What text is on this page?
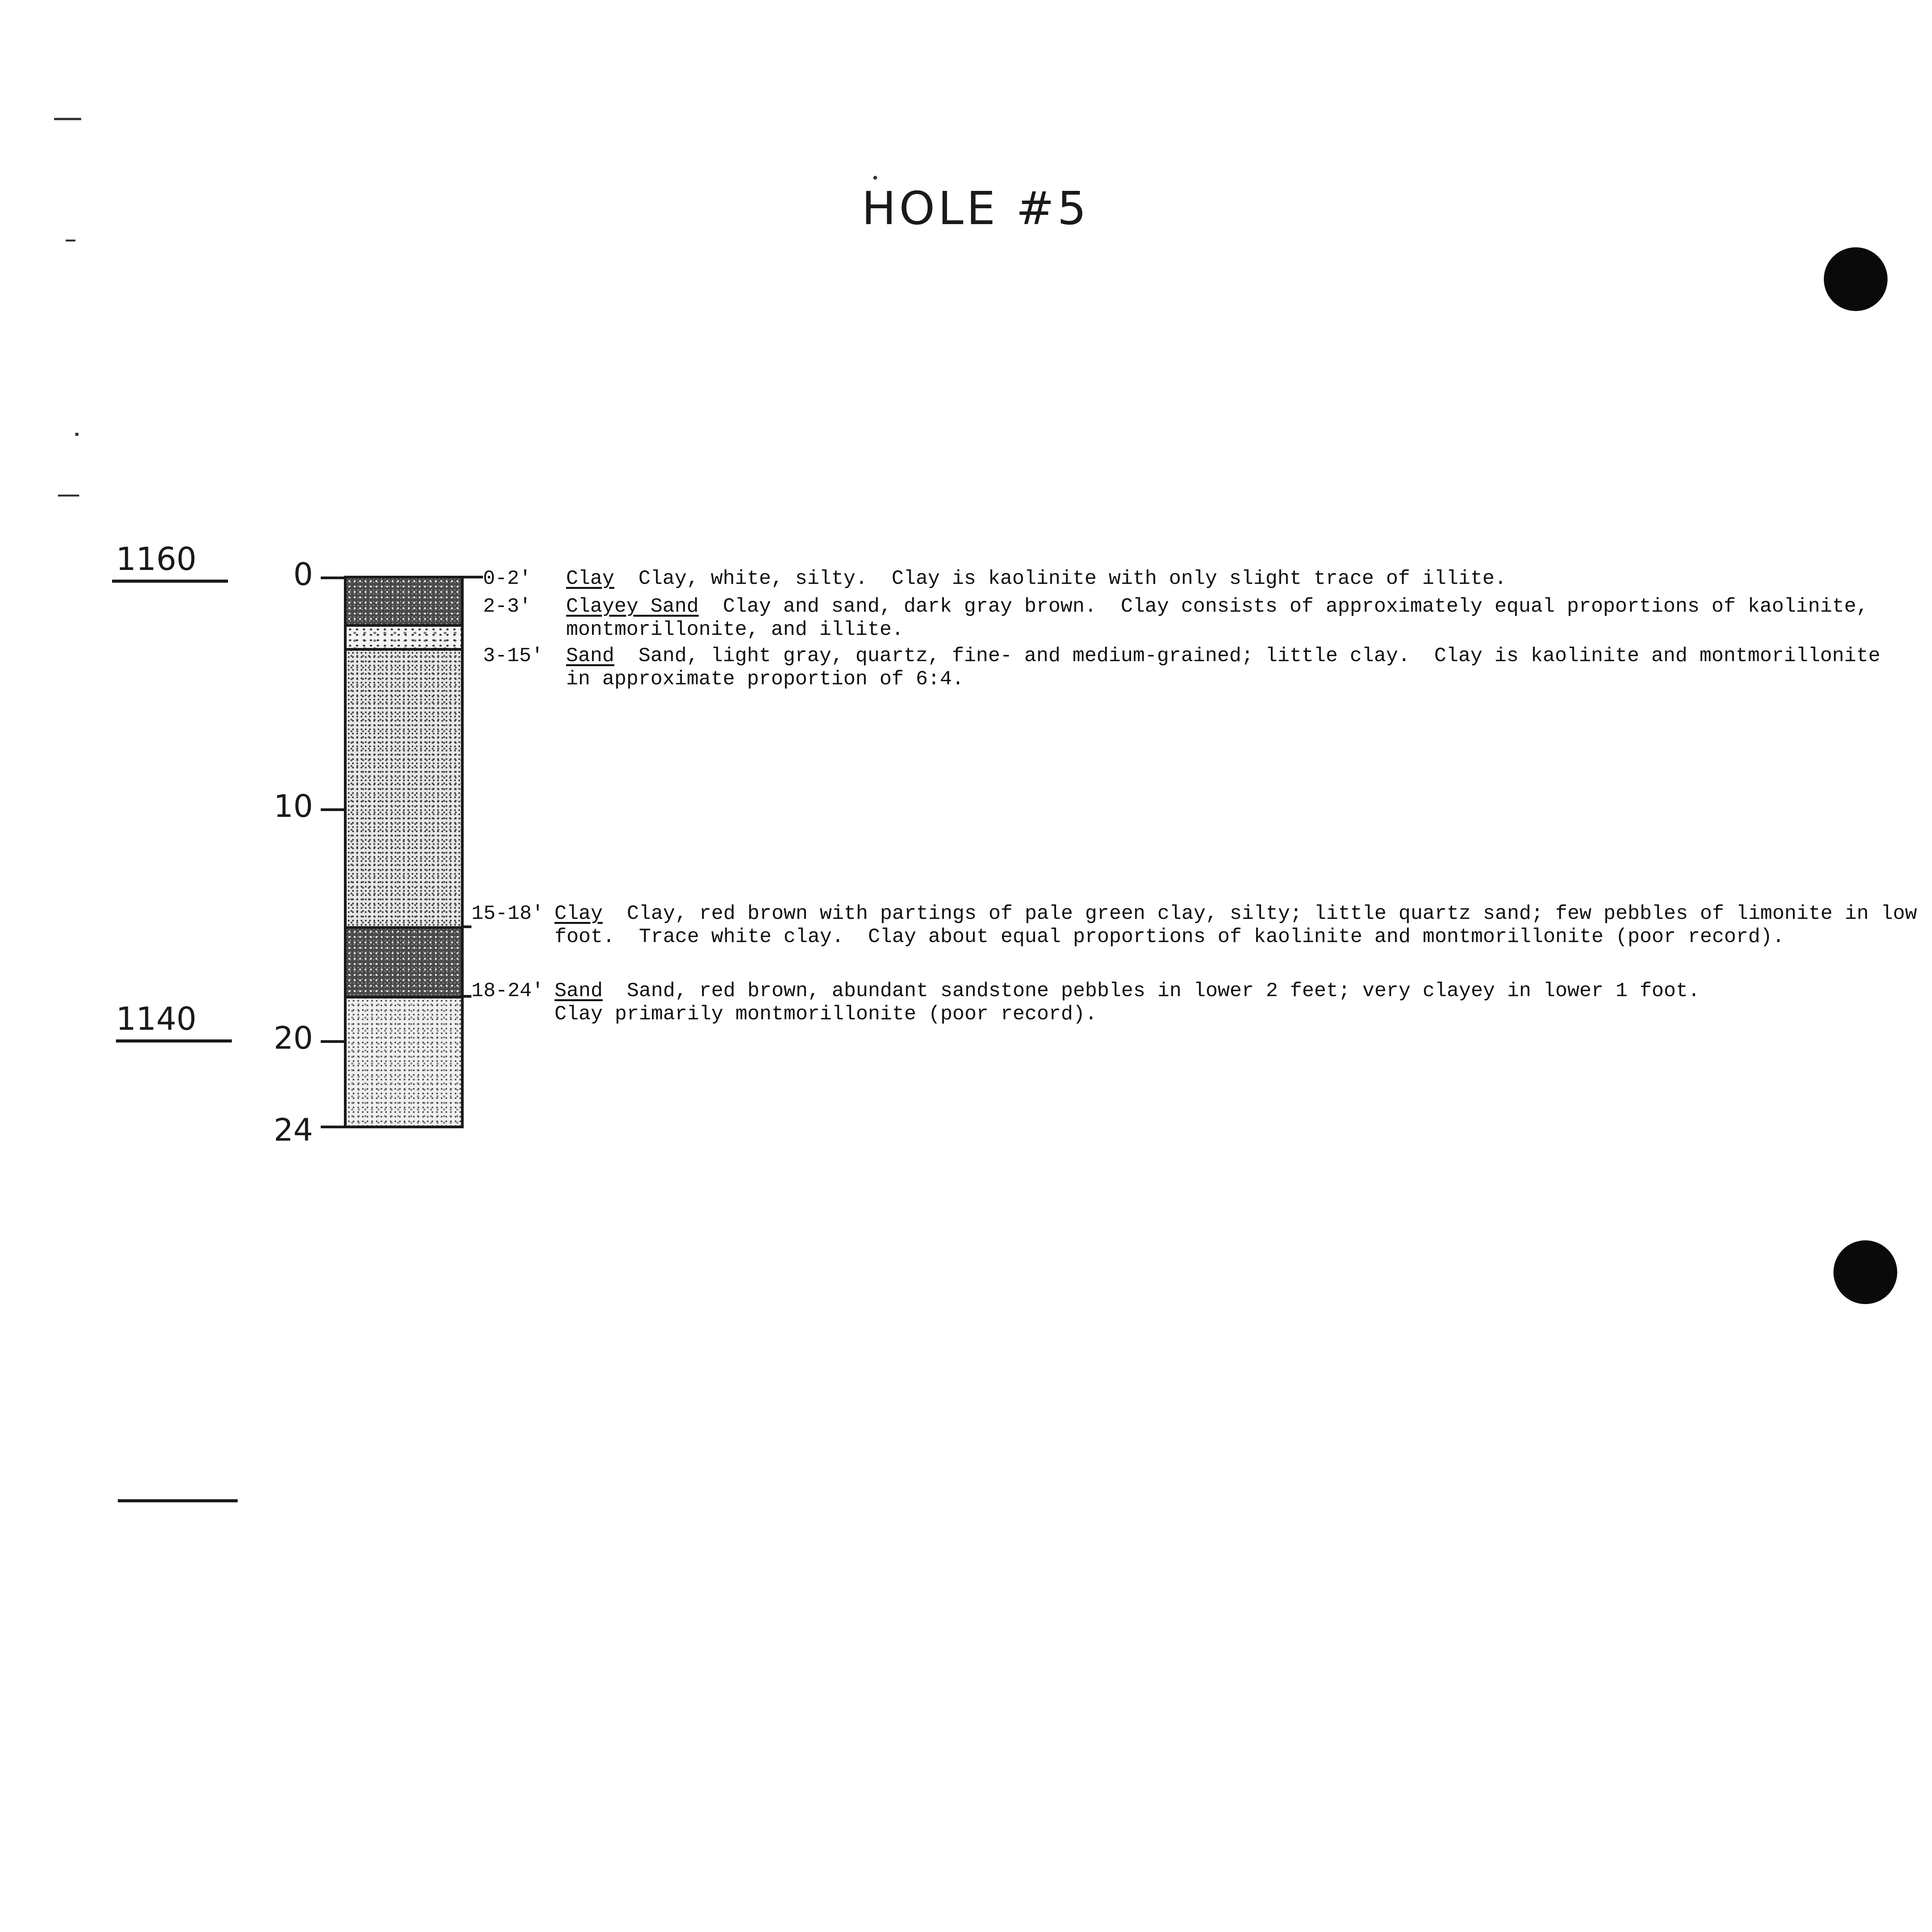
HOLE #5
1160
1140
0
10
20
24
0-2' Clay Clay, white, silty.  Clay is kaolinite with only slight trace of illite.
2-3' Clayey Sand Clay and sand, dark gray brown.  Clay consists of approximately equal proportions of kaolinite,
montmorillonite, and illite.
3-15' Sand Sand, light gray, quartz, fine- and medium-grained; little clay.  Clay is kaolinite and montmorillonite
in approximate proportion of 6:4.
15-18' Clay Clay, red brown with partings of pale green clay, silty; little quartz sand; few pebbles of limonite in low
foot.  Trace white clay.  Clay about equal proportions of kaolinite and montmorillonite (poor record).
18-24' Sand Sand, red brown, abundant sandstone pebbles in lower 2 feet; very clayey in lower 1 foot.
Clay primarily montmorillonite (poor record).
